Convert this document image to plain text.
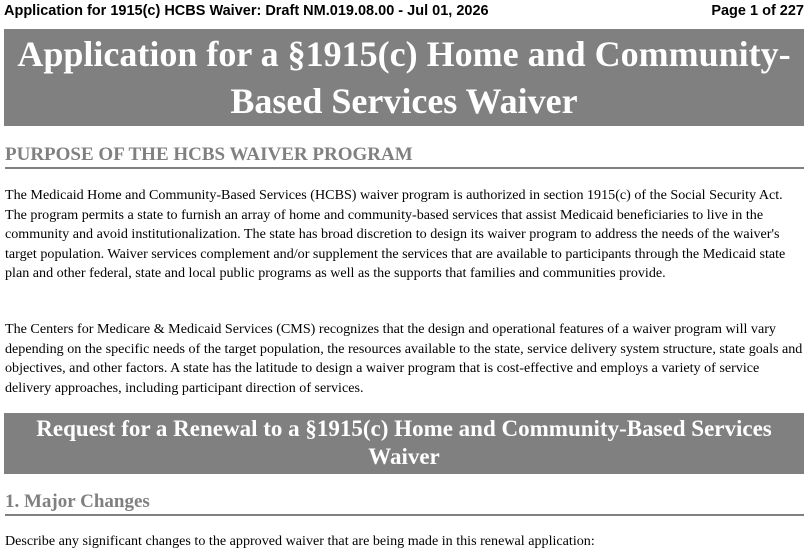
Application for 1915(c) HCBS Waiver: Draft NM.019.08.00 - Jul 01, 2026	Page 1 of 227
Application for a §1915(c) Home and Community-Based Services Waiver
PURPOSE OF THE HCBS WAIVER PROGRAM
The Medicaid Home and Community-Based Services (HCBS) waiver program is authorized in section 1915(c) of the Social Security Act. The program permits a state to furnish an array of home and community-based services that assist Medicaid beneficiaries to live in the community and avoid institutionalization. The state has broad discretion to design its waiver program to address the needs of the waiver's target population. Waiver services complement and/or supplement the services that are available to participants through the Medicaid state plan and other federal, state and local public programs as well as the supports that families and communities provide.
The Centers for Medicare & Medicaid Services (CMS) recognizes that the design and operational features of a waiver program will vary depending on the specific needs of the target population, the resources available to the state, service delivery system structure, state goals and objectives, and other factors. A state has the latitude to design a waiver program that is cost-effective and employs a variety of service delivery approaches, including participant direction of services.
Request for a Renewal to a §1915(c) Home and Community-Based Services Waiver
1. Major Changes
Describe any significant changes to the approved waiver that are being made in this renewal application:
